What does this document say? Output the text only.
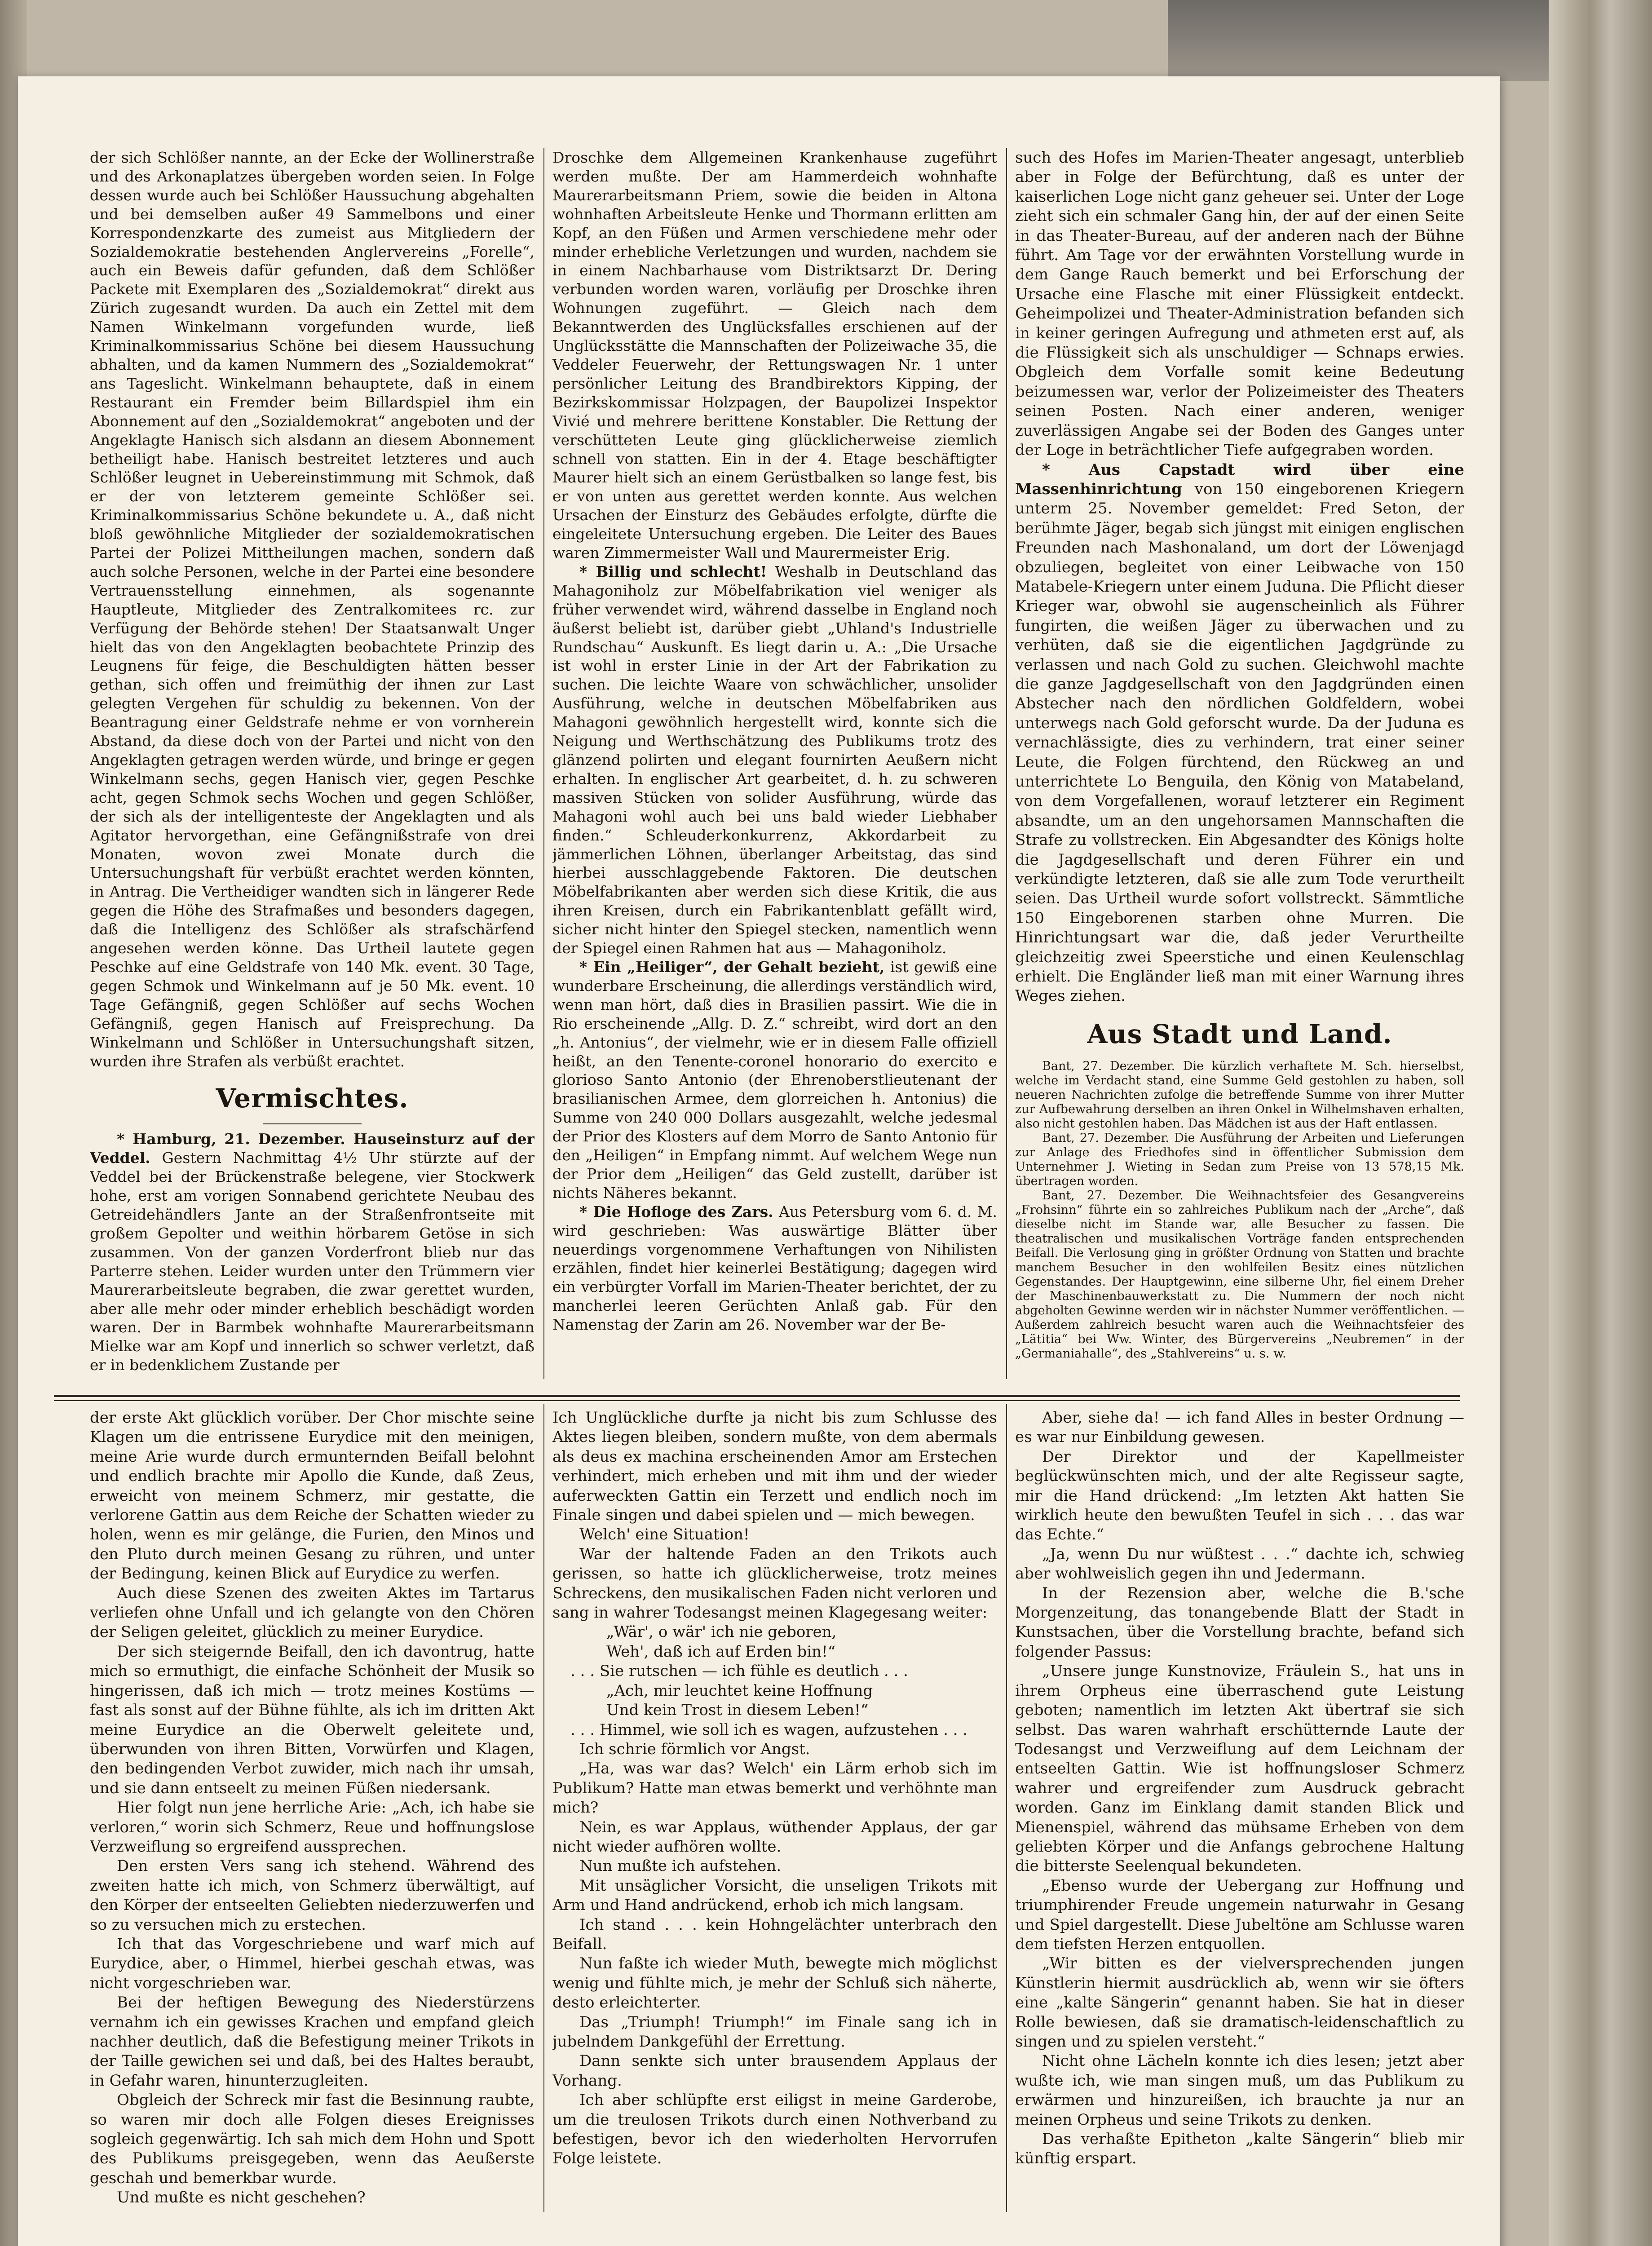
der sich Schlößer nannte, an der Ecke der Wollinerstraße und des Arkonaplatzes übergeben worden seien. In Folge dessen wurde auch bei Schlößer Haussuchung abgehalten und bei demselben außer 49 Sammelbons und einer Korrespondenzkarte des zumeist aus Mitgliedern der Sozialdemokratie bestehenden Anglervereins „Forelle“, auch ein Beweis dafür gefunden, daß dem Schlößer Packete mit Exemplaren des „Sozialdemokrat“ direkt aus Zürich zugesandt wurden. Da auch ein Zettel mit dem Namen Winkelmann vorgefunden wurde, ließ Kriminalkommissarius Schöne bei diesem Haussuchung abhalten, und da kamen Nummern des „Sozialdemokrat“ ans Tageslicht. Winkelmann behauptete, daß in einem Restaurant ein Fremder beim Billardspiel ihm ein Abonnement auf den „Sozialdemokrat“ angeboten und der Angeklagte Hanisch sich alsdann an diesem Abonnement betheiligt habe. Hanisch bestreitet letzteres und auch Schlößer leugnet in Uebereinstimmung mit Schmok, daß er der von letzterem gemeinte Schlößer sei. Kriminalkommissarius Schöne bekundete u. A., daß nicht bloß gewöhnliche Mitglieder der sozialdemokratischen Partei der Polizei Mittheilungen machen, sondern daß auch solche Personen, welche in der Partei eine besondere Vertrauensstellung einnehmen, als sogenannte Hauptleute, Mitglieder des Zentralkomitees rc. zur Verfügung der Behörde stehen! Der Staatsanwalt Unger hielt das von den Angeklagten beobachtete Prinzip des Leugnens für feige, die Beschuldigten hätten besser gethan, sich offen und freimüthig der ihnen zur Last gelegten Vergehen für schuldig zu bekennen. Von der Beantragung einer Geldstrafe nehme er von vornherein Abstand, da diese doch von der Partei und nicht von den Angeklagten getragen werden würde, und bringe er gegen Winkelmann sechs, gegen Hanisch vier, gegen Peschke acht, gegen Schmok sechs Wochen und gegen Schlößer, der sich als der intelligenteste der Angeklagten und als Agitator hervorgethan, eine Gefängnißstrafe von drei Monaten, wovon zwei Monate durch die Untersuchungshaft für verbüßt erachtet werden könnten, in Antrag. Die Vertheidiger wandten sich in längerer Rede gegen die Höhe des Strafmaßes und besonders dagegen, daß die Intelligenz des Schlößer als strafschärfend angesehen werden könne. Das Urtheil lautete gegen Peschke auf eine Geldstrafe von 140 Mk. event. 30 Tage, gegen Schmok und Winkelmann auf je 50 Mk. event. 10 Tage Gefängniß, gegen Schlößer auf sechs Wochen Gefängniß, gegen Hanisch auf Freisprechung. Da Winkelmann und Schlößer in Untersuchungshaft sitzen, wurden ihre Strafen als verbüßt erachtet.

Vermischtes.

* Hamburg, 21. Dezember. Hauseinsturz auf der Veddel. Gestern Nachmittag 4½ Uhr stürzte auf der Veddel bei der Brückenstraße belegene, vier Stockwerk hohe, erst am vorigen Sonnabend gerichtete Neubau des Getreidehändlers Jante an der Straßenfrontseite mit großem Gepolter und weithin hörbarem Getöse in sich zusammen. Von der ganzen Vorderfront blieb nur das Parterre stehen. Leider wurden unter den Trümmern vier Maurerarbeitsleute begraben, die zwar gerettet wurden, aber alle mehr oder minder erheblich beschädigt worden waren. Der in Barmbek wohnhafte Maurerarbeitsmann Mielke war am Kopf und innerlich so schwer verletzt, daß er in bedenklichem Zustande per

Droschke dem Allgemeinen Krankenhause zugeführt werden mußte. Der am Hammerdeich wohnhafte Maurerarbeitsmann Priem, sowie die beiden in Altona wohnhaften Arbeitsleute Henke und Thormann erlitten am Kopf, an den Füßen und Armen verschiedene mehr oder minder erhebliche Verletzungen und wurden, nachdem sie in einem Nachbarhause vom Distriktsarzt Dr. Dering verbunden worden waren, vorläufig per Droschke ihren Wohnungen zugeführt. — Gleich nach dem Bekanntwerden des Unglücksfalles erschienen auf der Unglücksstätte die Mannschaften der Polizeiwache 35, die Veddeler Feuerwehr, der Rettungswagen Nr. 1 unter persönlicher Leitung des Brandbirektors Kipping, der Bezirkskommissar Holzpagen, der Baupolizei Inspektor Vivié und mehrere berittene Konstabler. Die Rettung der verschütteten Leute ging glücklicherweise ziemlich schnell von statten. Ein in der 4. Etage beschäftigter Maurer hielt sich an einem Gerüstbalken so lange fest, bis er von unten aus gerettet werden konnte. Aus welchen Ursachen der Einsturz des Gebäudes erfolgte, dürfte die eingeleitete Untersuchung ergeben. Die Leiter des Baues waren Zimmermeister Wall und Maurermeister Erig.

* Billig und schlecht! Weshalb in Deutschland das Mahagoniholz zur Möbelfabrikation viel weniger als früher verwendet wird, während dasselbe in England noch äußerst beliebt ist, darüber giebt „Uhland's Industrielle Rundschau“ Auskunft. Es liegt darin u. A.: „Die Ursache ist wohl in erster Linie in der Art der Fabrikation zu suchen. Die leichte Waare von schwächlicher, unsolider Ausführung, welche in deutschen Möbelfabriken aus Mahagoni gewöhnlich hergestellt wird, konnte sich die Neigung und Werthschätzung des Publikums trotz des glänzend polirten und elegant fournirten Aeußern nicht erhalten. In englischer Art gearbeitet, d. h. zu schweren massiven Stücken von solider Ausführung, würde das Mahagoni wohl auch bei uns bald wieder Liebhaber finden.“ Schleuderkonkurrenz, Akkordarbeit zu jämmerlichen Löhnen, überlanger Arbeitstag, das sind hierbei ausschlaggebende Faktoren. Die deutschen Möbelfabrikanten aber werden sich diese Kritik, die aus ihren Kreisen, durch ein Fabrikantenblatt gefällt wird, sicher nicht hinter den Spiegel stecken, namentlich wenn der Spiegel einen Rahmen hat aus — Mahagoniholz.

* Ein „Heiliger“, der Gehalt bezieht, ist gewiß eine wunderbare Erscheinung, die allerdings verständlich wird, wenn man hört, daß dies in Brasilien passirt. Wie die in Rio erscheinende „Allg. D. Z.“ schreibt, wird dort an den „h. Antonius“, der vielmehr, wie er in diesem Falle offiziell heißt, an den Tenente-coronel honorario do exercito e glorioso Santo Antonio (der Ehrenoberstlieutenant der brasilianischen Armee, dem glorreichen h. Antonius) die Summe von 240 000 Dollars ausgezahlt, welche jedesmal der Prior des Klosters auf dem Morro de Santo Antonio für den „Heiligen“ in Empfang nimmt. Auf welchem Wege nun der Prior dem „Heiligen“ das Geld zustellt, darüber ist nichts Näheres bekannt.

* Die Hofloge des Zars. Aus Petersburg vom 6. d. M. wird geschrieben: Was auswärtige Blätter über neuerdings vorgenommene Verhaftungen von Nihilisten erzählen, findet hier keinerlei Bestätigung; dagegen wird ein verbürgter Vorfall im Marien-Theater berichtet, der zu mancherlei leeren Gerüchten Anlaß gab. Für den Namenstag der Zarin am 26. November war der Be-

such des Hofes im Marien-Theater angesagt, unterblieb aber in Folge der Befürchtung, daß es unter der kaiserlichen Loge nicht ganz geheuer sei. Unter der Loge zieht sich ein schmaler Gang hin, der auf der einen Seite in das Theater-Bureau, auf der anderen nach der Bühne führt. Am Tage vor der erwähnten Vorstellung wurde in dem Gange Rauch bemerkt und bei Erforschung der Ursache eine Flasche mit einer Flüssigkeit entdeckt. Geheimpolizei und Theater-Administration befanden sich in keiner geringen Aufregung und athmeten erst auf, als die Flüssigkeit sich als unschuldiger — Schnaps erwies. Obgleich dem Vorfalle somit keine Bedeutung beizumessen war, verlor der Polizeimeister des Theaters seinen Posten. Nach einer anderen, weniger zuverlässigen Angabe sei der Boden des Ganges unter der Loge in beträchtlicher Tiefe aufgegraben worden.

* Aus Capstadt wird über eine Massenhinrichtung von 150 eingeborenen Kriegern unterm 25. November gemeldet: Fred Seton, der berühmte Jäger, begab sich jüngst mit einigen englischen Freunden nach Mashonaland, um dort der Löwenjagd obzuliegen, begleitet von einer Leibwache von 150 Matabele-Kriegern unter einem Juduna. Die Pflicht dieser Krieger war, obwohl sie augenscheinlich als Führer fungirten, die weißen Jäger zu überwachen und zu verhüten, daß sie die eigentlichen Jagdgründe zu verlassen und nach Gold zu suchen. Gleichwohl machte die ganze Jagdgesellschaft von den Jagdgründen einen Abstecher nach den nördlichen Goldfeldern, wobei unterwegs nach Gold geforscht wurde. Da der Juduna es vernachlässigte, dies zu verhindern, trat einer seiner Leute, die Folgen fürchtend, den Rückweg an und unterrichtete Lo Benguila, den König von Matabeland, von dem Vorgefallenen, worauf letzterer ein Regiment absandte, um an den ungehorsamen Mannschaften die Strafe zu vollstrecken. Ein Abgesandter des Königs holte die Jagdgesellschaft und deren Führer ein und verkündigte letzteren, daß sie alle zum Tode verurtheilt seien. Das Urtheil wurde sofort vollstreckt. Sämmtliche 150 Eingeborenen starben ohne Murren. Die Hinrichtungsart war die, daß jeder Verurtheilte gleichzeitig zwei Speerstiche und einen Keulenschlag erhielt. Die Engländer ließ man mit einer Warnung ihres Weges ziehen.

Aus Stadt und Land.

Bant, 27. Dezember. Die kürzlich verhaftete M. Sch. hierselbst, welche im Verdacht stand, eine Summe Geld gestohlen zu haben, soll neueren Nachrichten zufolge die betreffende Summe von ihrer Mutter zur Aufbewahrung derselben an ihren Onkel in Wilhelmshaven erhalten, also nicht gestohlen haben. Das Mädchen ist aus der Haft entlassen.

Bant, 27. Dezember. Die Ausführung der Arbeiten und Lieferungen zur Anlage des Friedhofes sind in öffentlicher Submission dem Unternehmer J. Wieting in Sedan zum Preise von 13 578,15 Mk. übertragen worden.

Bant, 27. Dezember. Die Weihnachtsfeier des Gesangvereins „Frohsinn“ führte ein so zahlreiches Publikum nach der „Arche“, daß dieselbe nicht im Stande war, alle Besucher zu fassen. Die theatralischen und musikalischen Vorträge fanden entsprechenden Beifall. Die Verlosung ging in größter Ordnung von Statten und brachte manchem Besucher in den wohlfeilen Besitz eines nützlichen Gegenstandes. Der Hauptgewinn, eine silberne Uhr, fiel einem Dreher der Maschinenbauwerkstatt zu. Die Nummern der noch nicht abgeholten Gewinne werden wir in nächster Nummer veröffentlichen. — Außerdem zahlreich besucht waren auch die Weihnachtsfeier des „Lätitia“ bei Ww. Winter, des Bürgervereins „Neubremen“ in der „Germaniahalle“, des „Stahlvereins“ u. s. w.

der erste Akt glücklich vorüber. Der Chor mischte seine Klagen um die entrissene Eurydice mit den meinigen, meine Arie wurde durch ermunternden Beifall belohnt und endlich brachte mir Apollo die Kunde, daß Zeus, erweicht von meinem Schmerz, mir gestatte, die verlorene Gattin aus dem Reiche der Schatten wieder zu holen, wenn es mir gelänge, die Furien, den Minos und den Pluto durch meinen Gesang zu rühren, und unter der Bedingung, keinen Blick auf Eurydice zu werfen.

Auch diese Szenen des zweiten Aktes im Tartarus verliefen ohne Unfall und ich gelangte von den Chören der Seligen geleitet, glücklich zu meiner Eurydice.

Der sich steigernde Beifall, den ich davontrug, hatte mich so ermuthigt, die einfache Schönheit der Musik so hingerissen, daß ich mich — trotz meines Kostüms — fast als sonst auf der Bühne fühlte, als ich im dritten Akt meine Eurydice an die Oberwelt geleitete und, überwunden von ihren Bitten, Vorwürfen und Klagen, den bedingenden Verbot zuwider, mich nach ihr umsah, und sie dann entseelt zu meinen Füßen niedersank.

Hier folgt nun jene herrliche Arie: „Ach, ich habe sie verloren,“ worin sich Schmerz, Reue und hoffnungslose Verzweiflung so ergreifend aussprechen.

Den ersten Vers sang ich stehend. Während des zweiten hatte ich mich, von Schmerz überwältigt, auf den Körper der entseelten Geliebten niederzuwerfen und so zu versuchen mich zu erstechen.

Ich that das Vorgeschriebene und warf mich auf Eurydice, aber, o Himmel, hierbei geschah etwas, was nicht vorgeschrieben war.

Bei der heftigen Bewegung des Niederstürzens vernahm ich ein gewisses Krachen und empfand gleich nachher deutlich, daß die Befestigung meiner Trikots in der Taille gewichen sei und daß, bei des Haltes beraubt, in Gefahr waren, hinunterzugleiten.

Obgleich der Schreck mir fast die Besinnung raubte, so waren mir doch alle Folgen dieses Ereignisses sogleich gegenwärtig. Ich sah mich dem Hohn und Spott des Publikums preisgegeben, wenn das Aeußerste geschah und bemerkbar wurde.

Und mußte es nicht geschehen?

Ich Unglückliche durfte ja nicht bis zum Schlusse des Aktes liegen bleiben, sondern mußte, von dem abermals als deus ex machina erscheinenden Amor am Erstechen verhindert, mich erheben und mit ihm und der wieder auferweckten Gattin ein Terzett und endlich noch im Finale singen und dabei spielen und — mich bewegen.

Welch' eine Situation!

War der haltende Faden an den Trikots auch gerissen, so hatte ich glücklicherweise, trotz meines Schreckens, den musikalischen Faden nicht verloren und sang in wahrer Todesangst meinen Klagegesang weiter:

„Wär', o wär' ich nie geboren,

Weh', daß ich auf Erden bin!“

. . . Sie rutschen — ich fühle es deutlich . . .

„Ach, mir leuchtet keine Hoffnung

Und kein Trost in diesem Leben!“

. . . Himmel, wie soll ich es wagen, aufzustehen . . .

Ich schrie förmlich vor Angst.

„Ha, was war das? Welch' ein Lärm erhob sich im Publikum? Hatte man etwas bemerkt und verhöhnte man mich?

Nein, es war Applaus, wüthender Applaus, der gar nicht wieder aufhören wollte.

Nun mußte ich aufstehen.

Mit unsäglicher Vorsicht, die unseligen Trikots mit Arm und Hand andrückend, erhob ich mich langsam.

Ich stand . . . kein Hohngelächter unterbrach den Beifall.

Nun faßte ich wieder Muth, bewegte mich möglichst wenig und fühlte mich, je mehr der Schluß sich näherte, desto erleichterter.

Das „Triumph! Triumph!“ im Finale sang ich in jubelndem Dankgefühl der Errettung.

Dann senkte sich unter brausendem Applaus der Vorhang.

Ich aber schlüpfte erst eiligst in meine Garderobe, um die treulosen Trikots durch einen Nothverband zu befestigen, bevor ich den wiederholten Hervorrufen Folge leistete.

Aber, siehe da! — ich fand Alles in bester Ordnung — es war nur Einbildung gewesen.

Der Direktor und der Kapellmeister beglückwünschten mich, und der alte Regisseur sagte, mir die Hand drückend: „Im letzten Akt hatten Sie wirklich heute den bewußten Teufel in sich . . . das war das Echte.“

„Ja, wenn Du nur wüßtest . . .“ dachte ich, schwieg aber wohlweislich gegen ihn und Jedermann.

In der Rezension aber, welche die B.'sche Morgenzeitung, das tonangebende Blatt der Stadt in Kunstsachen, über die Vorstellung brachte, befand sich folgender Passus:

„Unsere junge Kunstnovize, Fräulein S., hat uns in ihrem Orpheus eine überraschend gute Leistung geboten; namentlich im letzten Akt übertraf sie sich selbst. Das waren wahrhaft erschütternde Laute der Todesangst und Verzweiflung auf dem Leichnam der entseelten Gattin. Wie ist hoffnungsloser Schmerz wahrer und ergreifender zum Ausdruck gebracht worden. Ganz im Einklang damit standen Blick und Mienenspiel, während das mühsame Erheben von dem geliebten Körper und die Anfangs gebrochene Haltung die bitterste Seelenqual bekundeten.

„Ebenso wurde der Uebergang zur Hoffnung und triumphirender Freude ungemein naturwahr in Gesang und Spiel dargestellt. Diese Jubeltöne am Schlusse waren dem tiefsten Herzen entquollen.

„Wir bitten es der vielversprechenden jungen Künstlerin hiermit ausdrücklich ab, wenn wir sie öfters eine „kalte Sängerin“ genannt haben. Sie hat in dieser Rolle bewiesen, daß sie dramatisch-leidenschaftlich zu singen und zu spielen versteht.“

Nicht ohne Lächeln konnte ich dies lesen; jetzt aber wußte ich, wie man singen muß, um das Publikum zu erwärmen und hinzureißen, ich brauchte ja nur an meinen Orpheus und seine Trikots zu denken.

Das verhaßte Epitheton „kalte Sängerin“ blieb mir künftig erspart.
